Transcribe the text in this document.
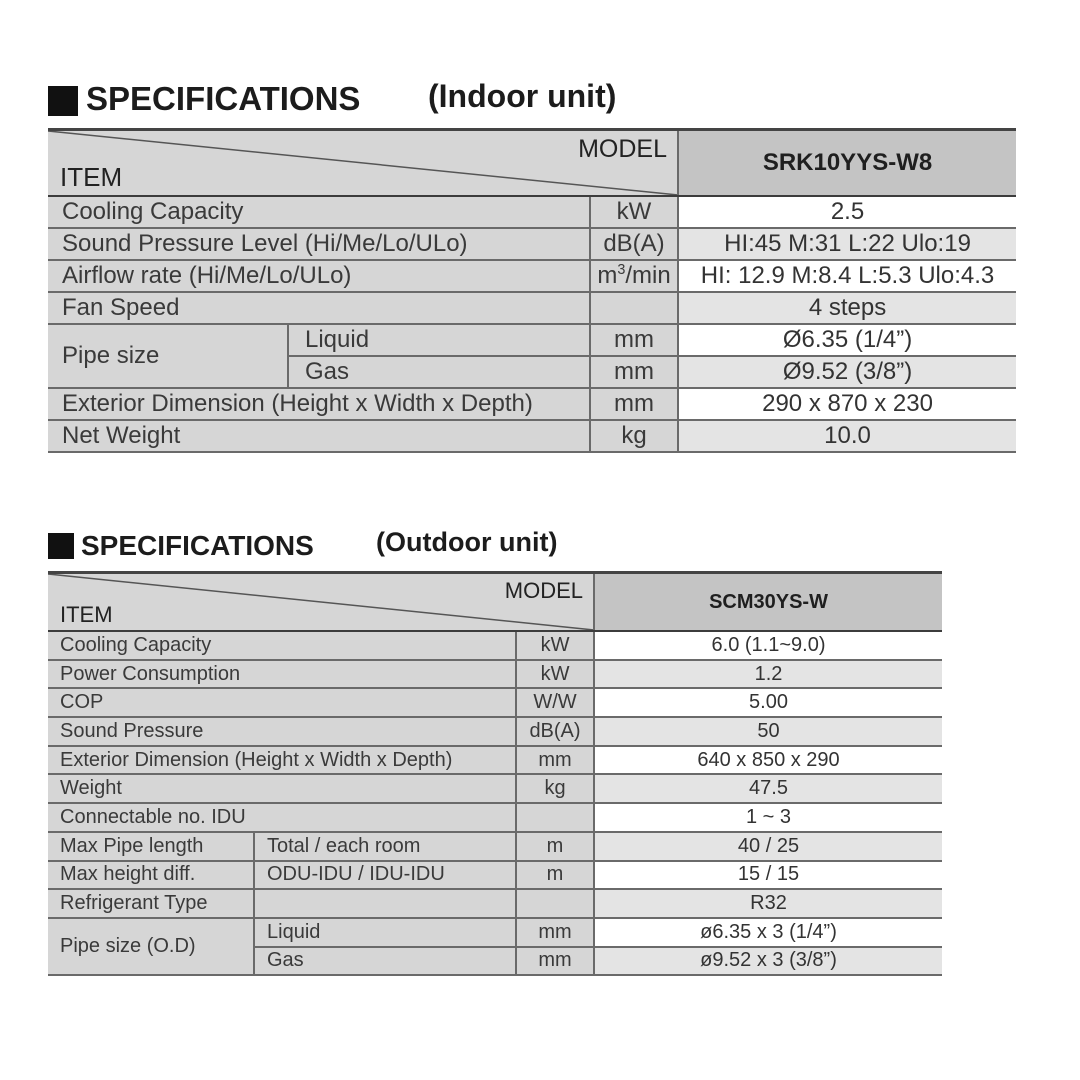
SPECIFICATIONS (Indoor unit)
MODEL
ITEM			SRK10YYS-W8
Cooling Capacity		kW	2.5
Sound Pressure Level (Hi/Me/Lo/ULo)		dB(A)	HI:45 M:31 L:22 Ulo:19
Airflow rate (Hi/Me/Lo/ULo)		$m^3/\min$	HI: 12.9 M:8.4 L:5.3 Ulo:4.3
Fan Speed			4 steps
Pipe size	Liquid	mm	Ø6.35 (1/4”)
	Gas	mm	Ø9.52 (3/8”)
Exterior Dimension (Height x Width x Depth)		mm	290 x 870 x 230
Net Weight		kg	10.0
SPECIFICATIONS (Outdoor unit)
MODEL
ITEM			SCM30YS-W
Cooling Capacity		kW	6.0 (1.1~9.0)
Power Consumption		kW	1.2
COP		W/W	5.00
Sound Pressure		dB(A)	50
Exterior Dimension (Height x Width x Depth)		mm	640 x 850 x 290
Weight		kg	47.5
Connectable no. IDU			1 ~ 3
Max Pipe length	Total / each room	m	40 / 25
Max height diff.	ODU-IDU / IDU-IDU	m	15 / 15
Refrigerant Type			R32
Pipe size (O.D)	Liquid	mm	ø6.35 x 3 (1/4”)
	Gas	mm	ø9.52 x 3 (3/8”)
